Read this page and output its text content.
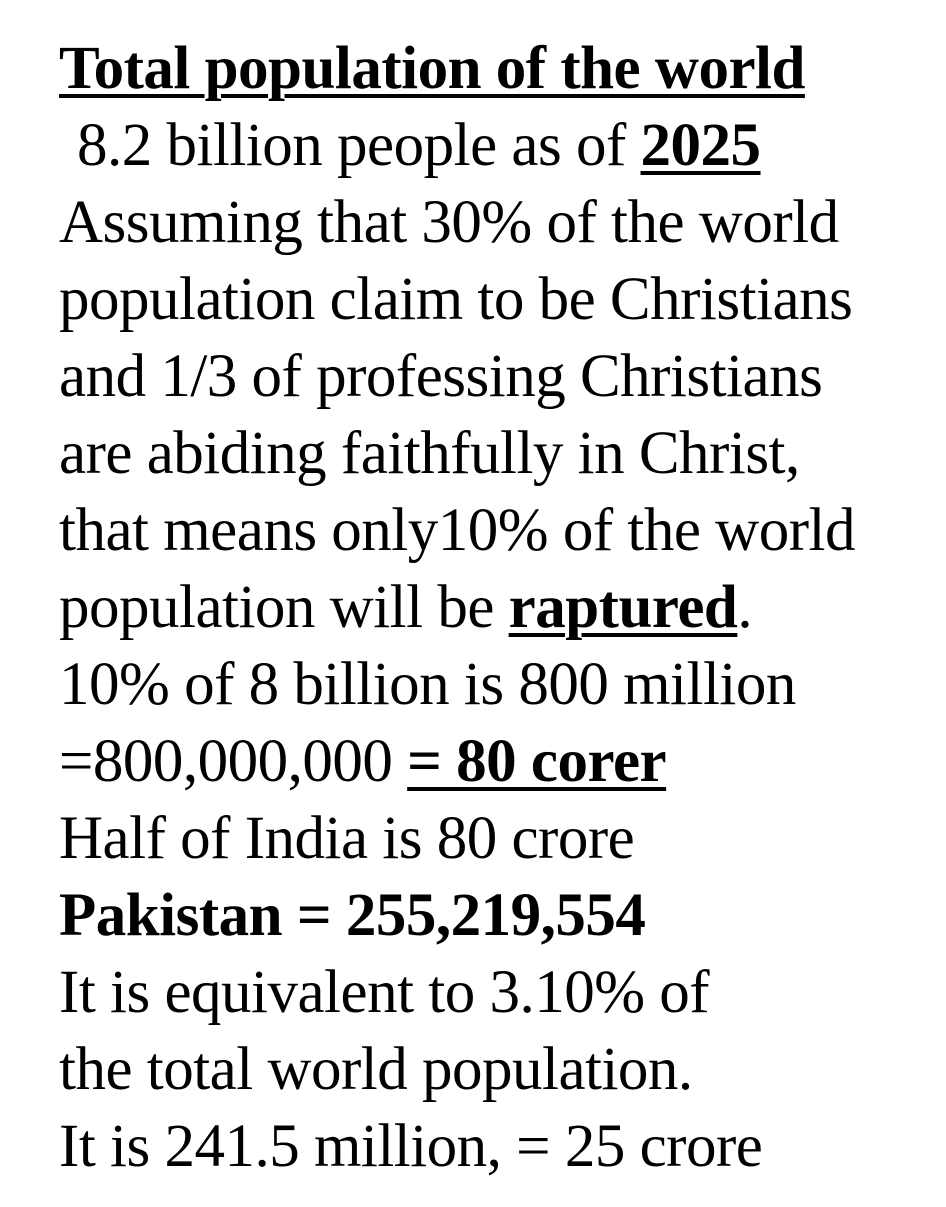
Total population of the world
8.2 billion people as of 2025
Assuming that 30% of the world
population claim to be Christians
and 1/3 of professing Christians
are abiding faithfully in Christ,
that means only10% of the world
population will be raptured.
10% of 8 billion is 800 million
=800,000,000 = 80 corer
Half of India is 80 crore
Pakistan = 255,219,554
It is equivalent to 3.10% of
the total world population.
It is 241.5 million, = 25 crore
